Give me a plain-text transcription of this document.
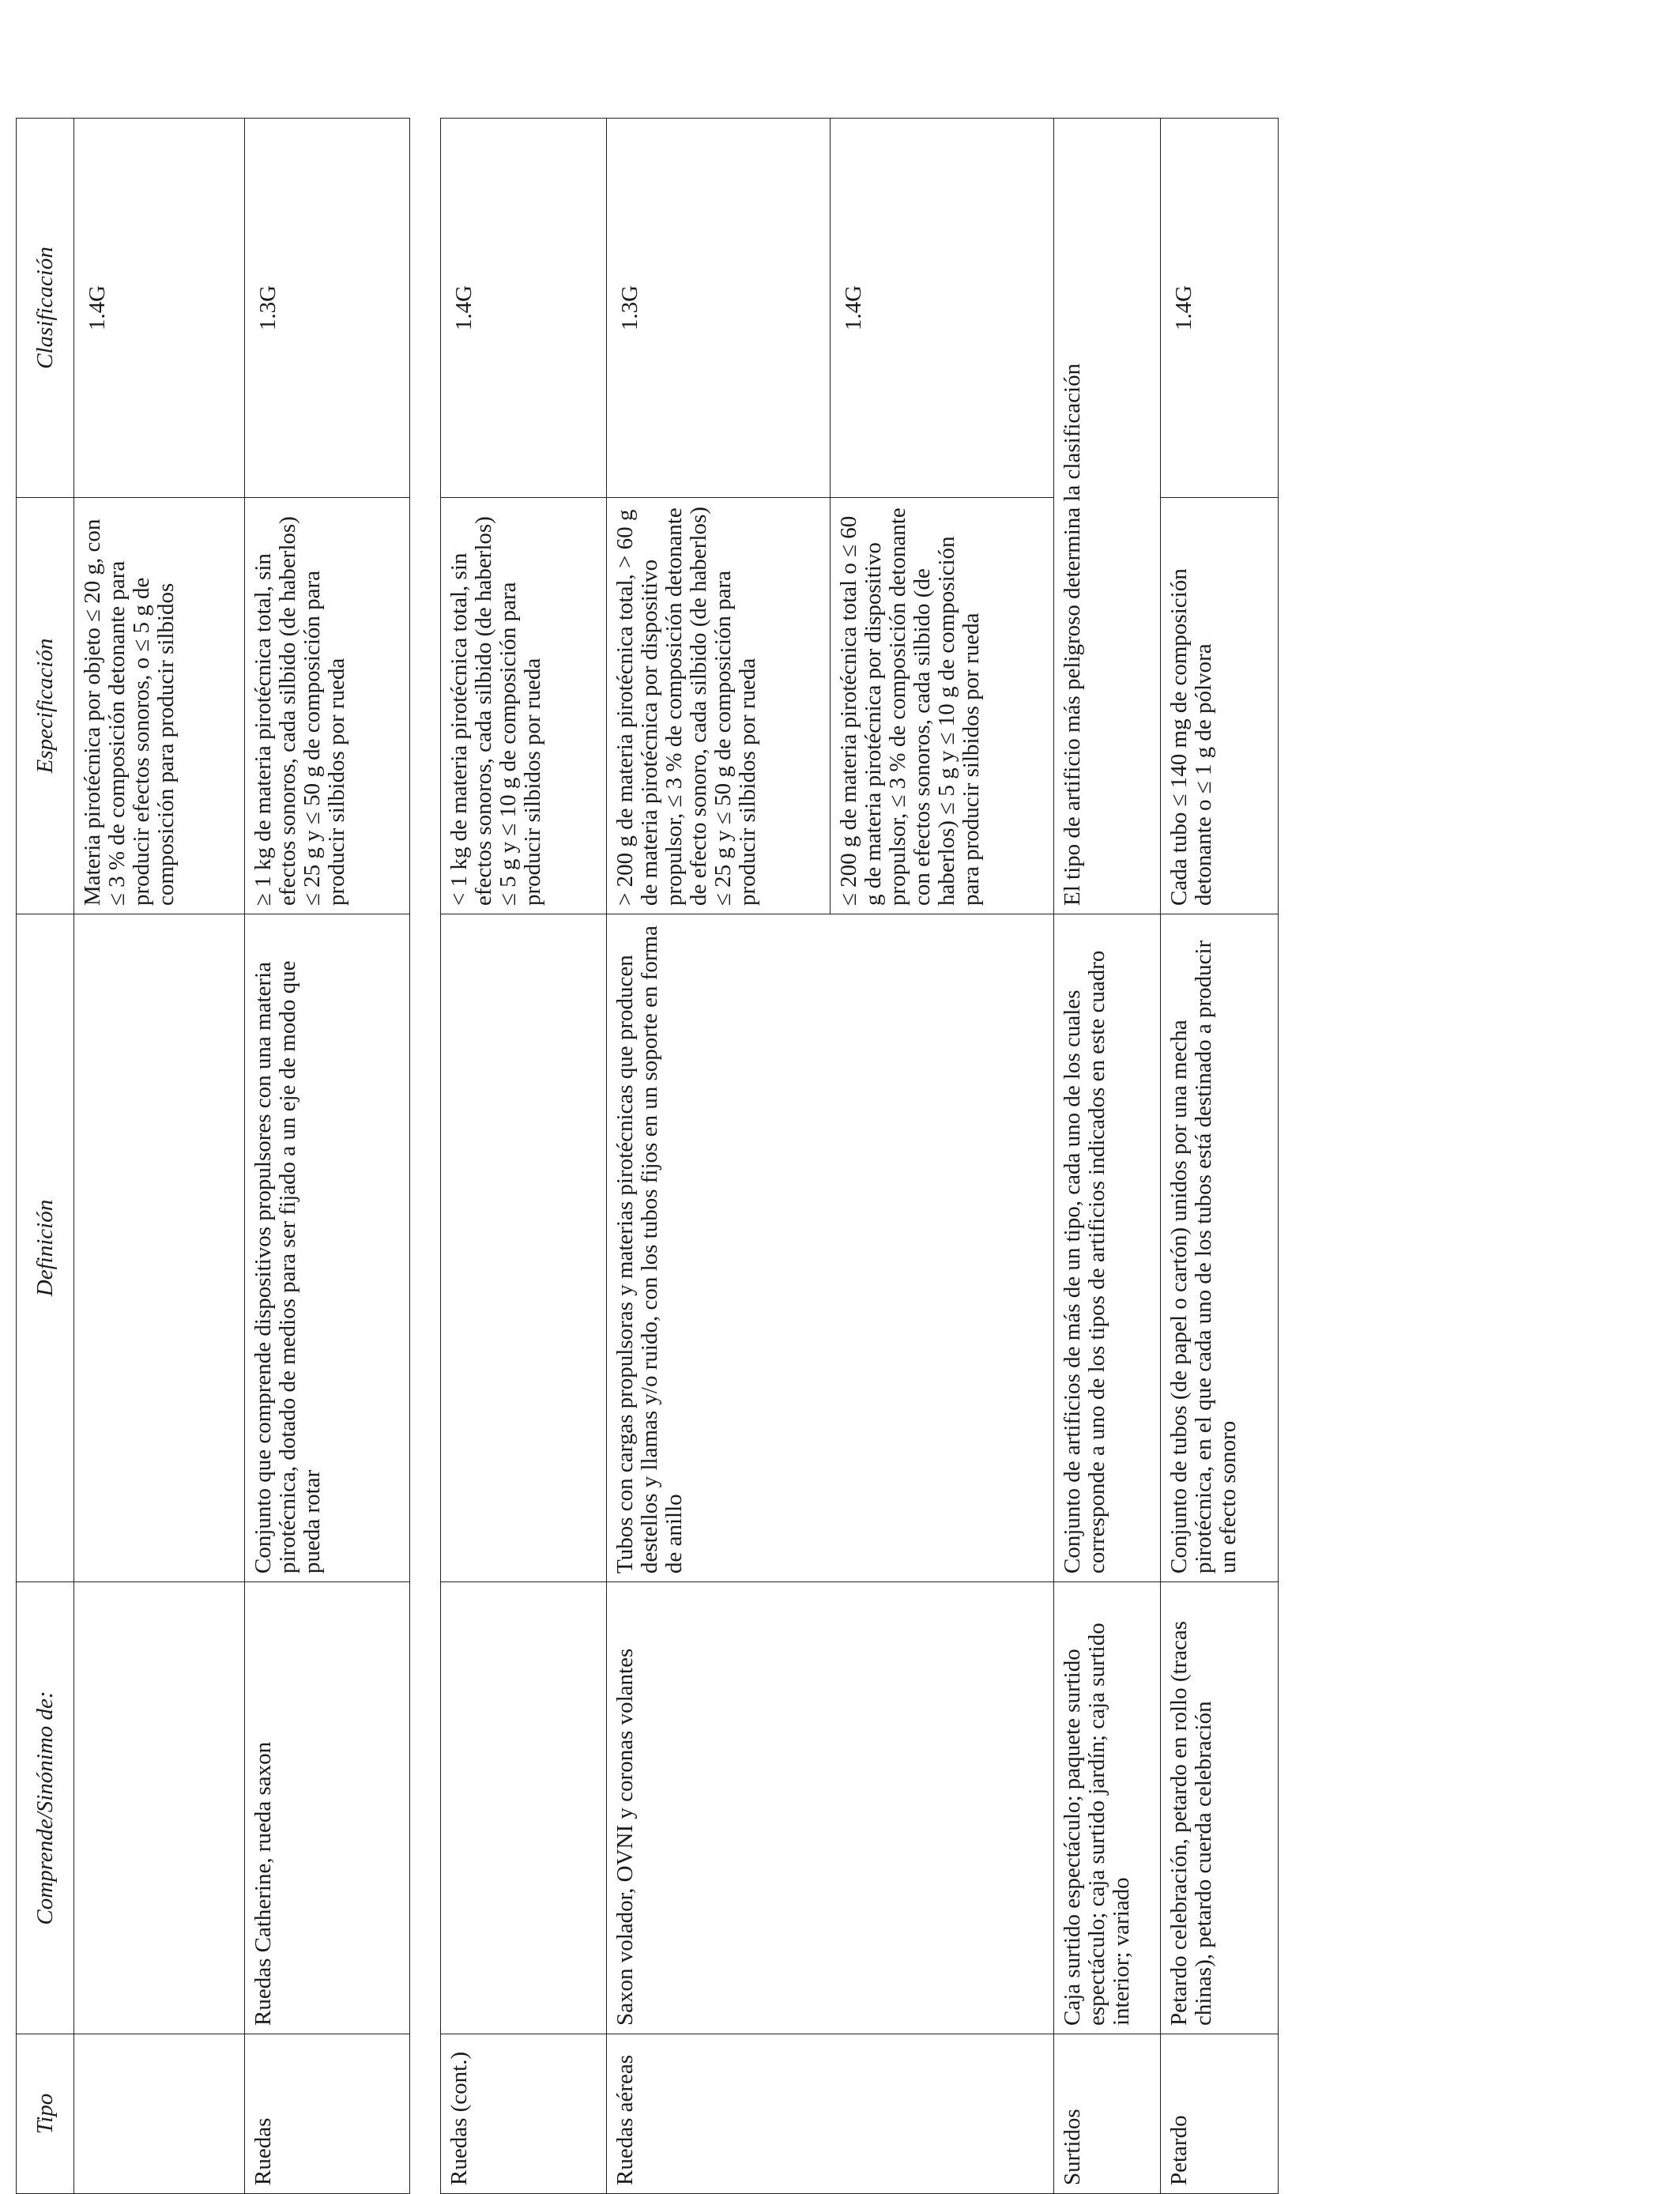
Tipo	Comprende/Sinónimo de:	Definición	Especificación	Clasificación
			Materia pirotécnica por objeto ≤ 20 g, con ≤ 3 % de composición detonante para producir efectos sonoros, o ≤ 5 g de composición para producir silbidos	1.4G
Ruedas	Ruedas Catherine, rueda saxon	Conjunto que comprende dispositivos propulsores con una materia pirotécnica, dotado de medios para ser fijado a un eje de modo que pueda rotar	≥ 1 kg de materia pirotécnica total, sin efectos sonoros, cada silbido (de haberlos) ≤ 25 g y ≤ 50 g de composición para producir silbidos por rueda	1.3G
Ruedas (cont.)			< 1 kg de materia pirotécnica total, sin efectos sonoros, cada silbido (de haberlos) ≤ 5 g y ≤ 10 g de composición para producir silbidos por rueda	1.4G
Ruedas aéreas	Saxon volador, OVNI y coronas volantes	Tubos con cargas propulsoras y materias pirotécnicas que producen destellos y llamas y/o ruido, con los tubos fijos en un soporte en forma de anillo	> 200 g de materia pirotécnica total, > 60 g de materia pirotécnica por dispositivo propulsor, ≤ 3 % de composición detonante de efecto sonoro, cada silbido (de haberlos) ≤ 25 g y ≤ 50 g de composición para producir silbidos por rueda	1.3G
			≤ 200 g de materia pirotécnica total o ≤ 60 g de materia pirotécnica por dispositivo propulsor, ≤ 3 % de composición detonante con efectos sonoros, cada silbido (de haberlos) ≤ 5 g y ≤ 10 g de composición para producir silbidos por rueda	1.4G
Surtidos	Caja surtido espectáculo; paquete surtido espectáculo; caja surtido jardín; caja surtido interior; variado	Conjunto de artificios de más de un tipo, cada uno de los cuales corresponde a uno de los tipos de artificios indicados en este cuadro	El tipo de artificio más peligroso determina la clasificación	
Petardo	Petardo celebración, petardo en rollo (tracas chinas), petardo cuerda celebración	Conjunto de tubos (de papel o cartón) unidos por una mecha pirotécnica, en el que cada uno de los tubos está destinado a producir un efecto sonoro	Cada tubo ≤ 140 mg de composición detonante o ≤ 1 g de pólvora	1.4G
